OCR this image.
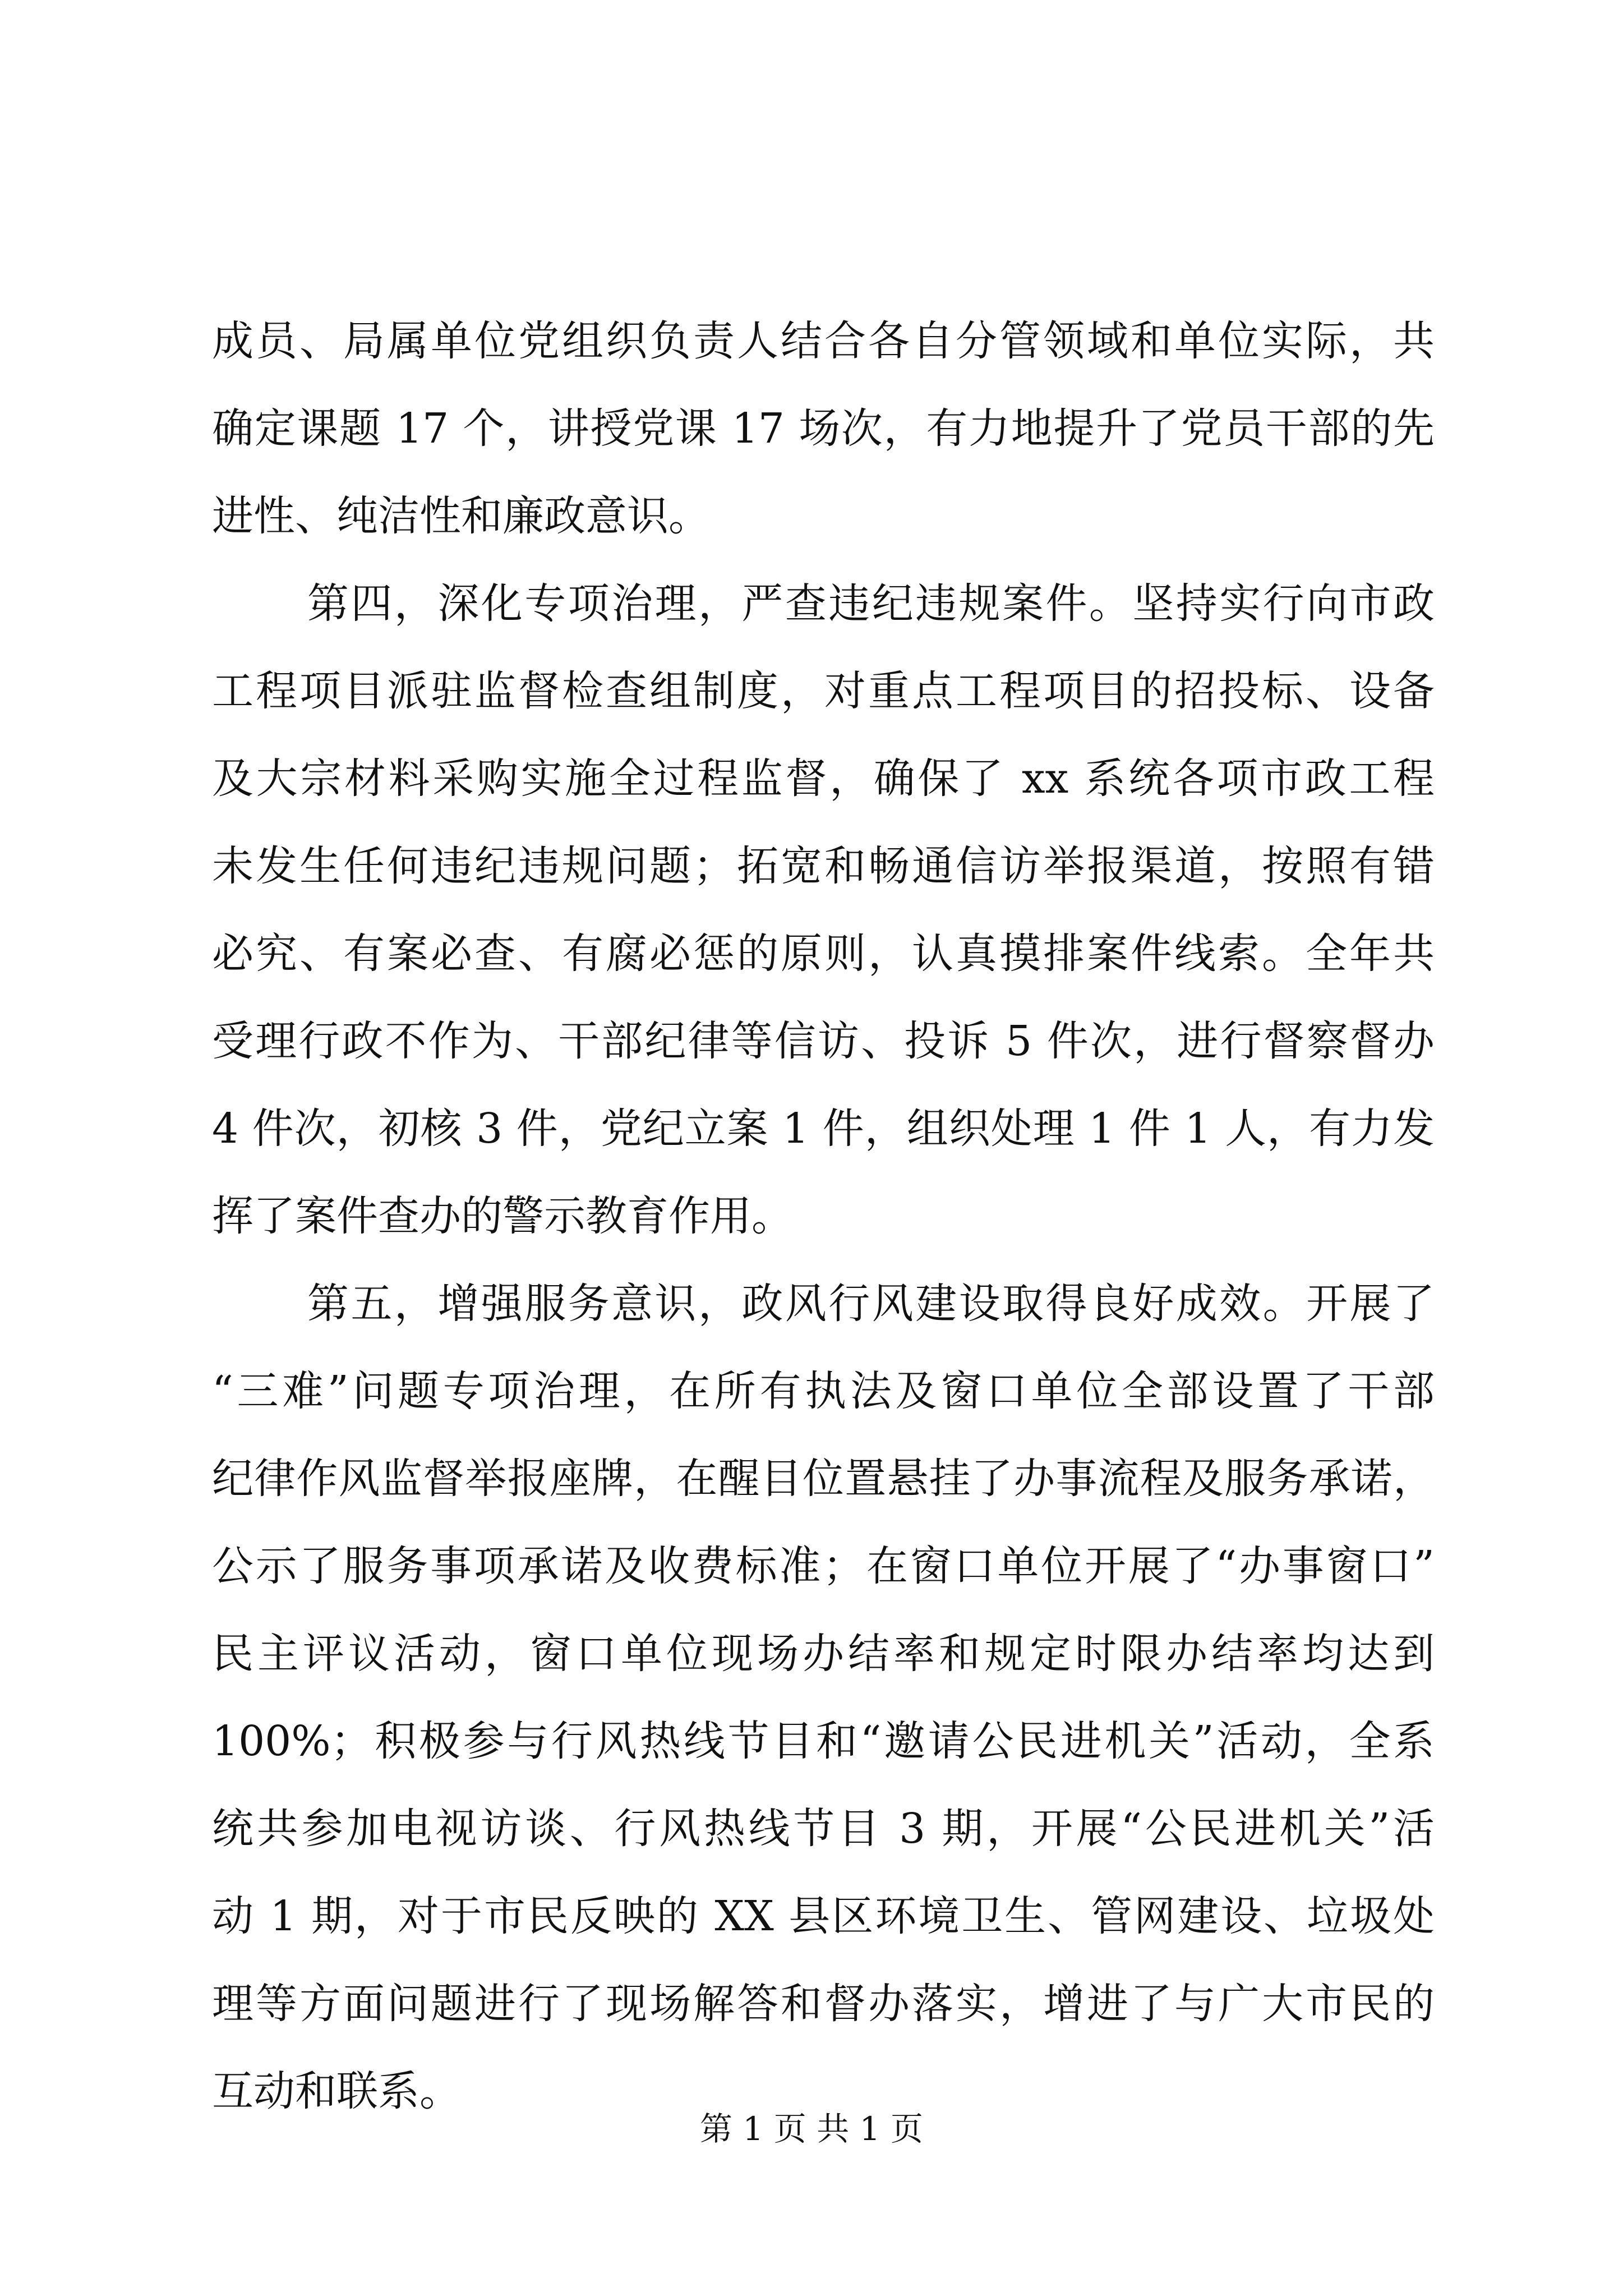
成员、局属单位党组织负责人结合各自分管领域和单位实际，共
确定课题 17 个，讲授党课 17 场次，有力地提升了党员干部的先
进性、纯洁性和廉政意识。
第四，深化专项治理，严查违纪违规案件。坚持实行向市政
工程项目派驻监督检查组制度，对重点工程项目的招投标、设备
及大宗材料采购实施全过程监督，确保了 xx 系统各项市政工程
未发生任何违纪违规问题；拓宽和畅通信访举报渠道，按照有错
必究、有案必查、有腐必惩的原则，认真摸排案件线索。全年共
受理行政不作为、干部纪律等信访、投诉 5 件次，进行督察督办
4 件次，初核 3 件，党纪立案 1 件，组织处理 1 件 1 人，有力发
挥了案件查办的警示教育作用。
第五，增强服务意识，政风行风建设取得良好成效。开展了
“三难”问题专项治理，在所有执法及窗口单位全部设置了干部
纪律作风监督举报座牌，在醒目位置悬挂了办事流程及服务承诺，
公示了服务事项承诺及收费标准；在窗口单位开展了“办事窗口”
民主评议活动，窗口单位现场办结率和规定时限办结率均达到
100%；积极参与行风热线节目和“邀请公民进机关”活动，全系
统共参加电视访谈、行风热线节目 3 期，开展“公民进机关”活
动 1 期，对于市民反映的 XX 县区环境卫生、管网建设、垃圾处
理等方面问题进行了现场解答和督办落实，增进了与广大市民的
互动和联系。
第 1 页 共 1 页
